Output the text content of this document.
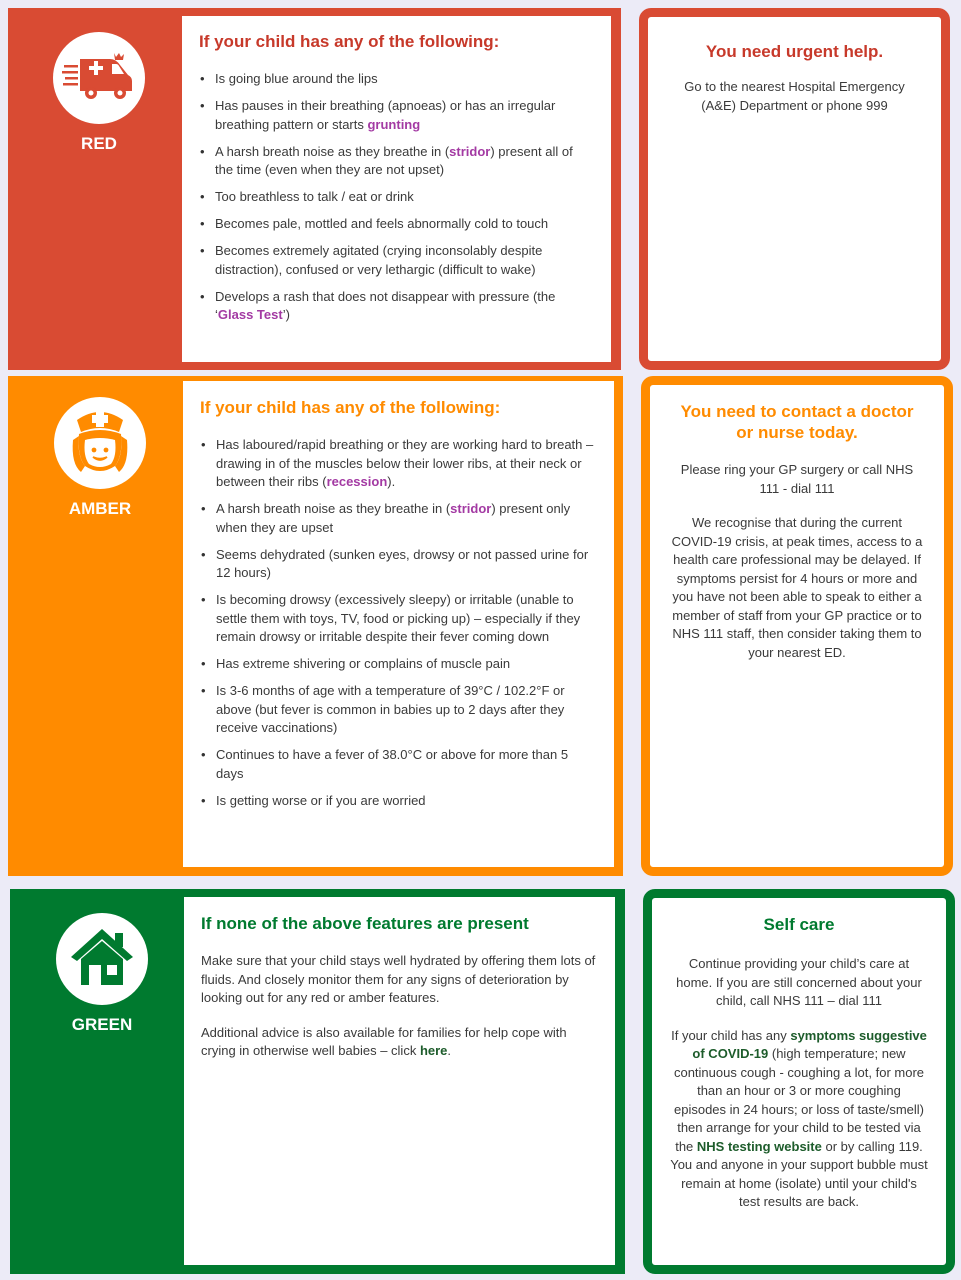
RED
If your child has any of the following:
• Is going blue around the lips
• Has pauses in their breathing (apnoeas) or has an irregular breathing pattern or starts grunting
• A harsh breath noise as they breathe in (stridor) present all of the time (even when they are not upset)
• Too breathless to talk / eat or drink
• Becomes pale, mottled and feels abnormally cold to touch
• Becomes extremely agitated (crying inconsolably despite distraction), confused or very lethargic (difficult to wake)
• Develops a rash that does not disappear with pressure (the ‘Glass Test’)
You need urgent help.

Go to the nearest Hospital Emergency (A&E) Department or phone 999

AMBER
If your child has any of the following:
• Has laboured/rapid breathing or they are working hard to breath – drawing in of the muscles below their lower ribs, at their neck or between their ribs (recession).
• A harsh breath noise as they breathe in (stridor) present only when they are upset
• Seems dehydrated (sunken eyes, drowsy or not passed urine for 12 hours)
• Is becoming drowsy (excessively sleepy) or irritable (unable to settle them with toys, TV, food or picking up) – especially if they remain drowsy or irritable despite their fever coming down
• Has extreme shivering or complains of muscle pain
• Is 3-6 months of age with a temperature of 39°C / 102.2°F or above (but fever is common in babies up to 2 days after they receive vaccinations)
• Continues to have a fever of 38.0°C or above for more than 5 days
• Is getting worse or if you are worried
You need to contact a doctor or nurse today.

Please ring your GP surgery or call NHS 111 - dial 111

We recognise that during the current COVID-19 crisis, at peak times, access to a health care professional may be delayed. If symptoms persist for 4 hours or more and you have not been able to speak to either a member of staff from your GP practice or to NHS 111 staff, then consider taking them to your nearest ED.

GREEN
If none of the above features are present

Make sure that your child stays well hydrated by offering them lots of fluids. And closely monitor them for any signs of deterioration by looking out for any red or amber features.

Additional advice is also available for families for help cope with crying in otherwise well babies – click here.

Self care

Continue providing your child’s care at home. If you are still concerned about your child, call NHS 111 – dial 111

If your child has any symptoms suggestive of COVID-19 (high temperature; new continuous cough - coughing a lot, for more than an hour or 3 or more coughing episodes in 24 hours; or loss of taste/smell) then arrange for your child to be tested via the NHS testing website or by calling 119. You and anyone in your support bubble must remain at home (isolate) until your child's test results are back.
